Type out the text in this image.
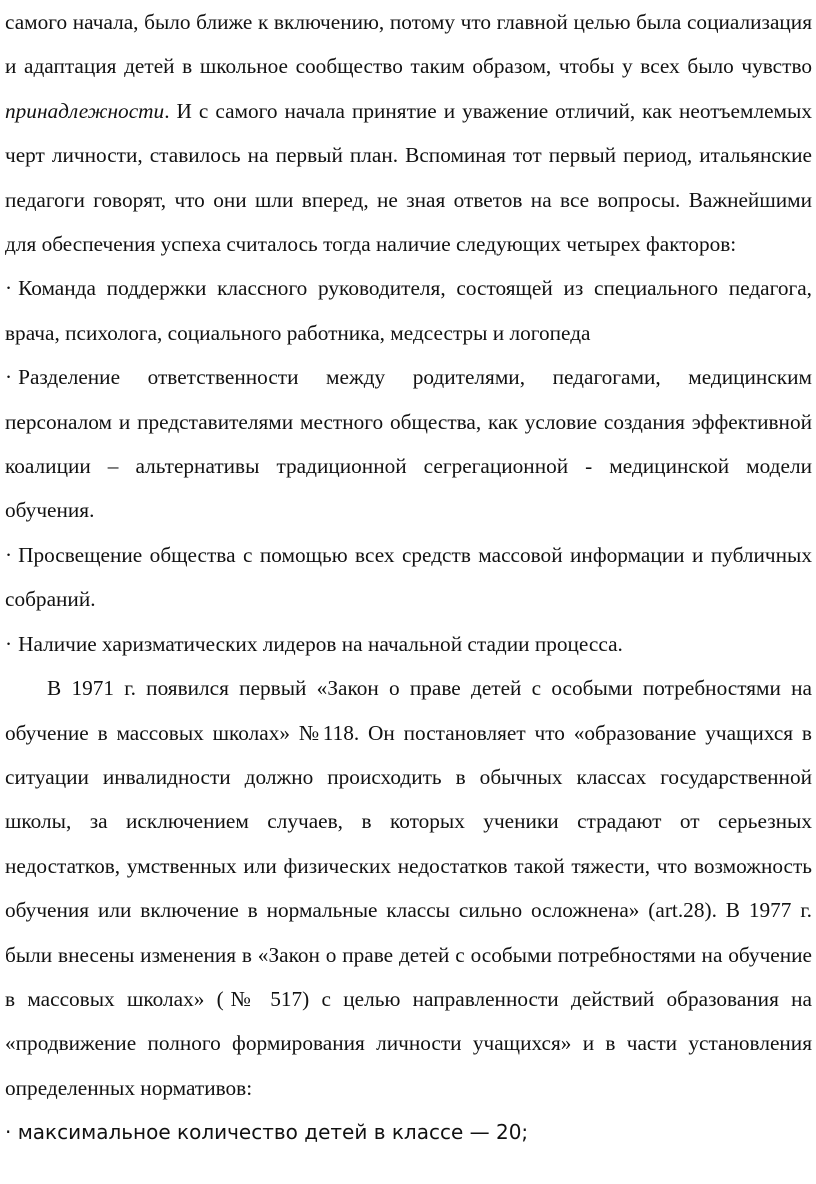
самого начала, было ближе к включению, потому что главной целью была социализация и адаптация детей в школьное сообщество таким образом, чтобы у всех было чувство принадлежности. И с самого начала принятие и уважение отличий, как неотъемлемых черт личности, ставилось на первый план. Вспоминая тот первый период, итальянские педагоги говорят, что они шли вперед, не зная ответов на все вопросы. Важнейшими для обеспечения успеха считалось тогда наличие следующих четырех факторов:

· Команда поддержки классного руководителя, состоящей из специального педагога, врача, психолога, социального работника, медсестры и логопеда

· Разделение ответственности между родителями, педагогами, медицинским персоналом и представителями местного общества, как условие создания эффективной коалиции – альтернативы традиционной сегрегационной - медицинской модели обучения.

· Просвещение общества с помощью всех средств массовой информации и публичных собраний.

· Наличие харизматических лидеров на начальной стадии процесса.

В 1971 г. появился первый «Закон о праве детей с особыми потребностями на обучение в массовых школах» №118. Он постановляет что «образование учащихся в ситуации инвалидности должно происходить в обычных классах государственной школы, за исключением случаев, в которых ученики страдают от серьезных недостатков, умственных или физических недостатков такой тяжести, что возможность обучения или включение в нормальные классы сильно осложнена» (art.28). В 1977 г. были внесены изменения в «Закон о праве детей с особыми потребностями на обучение в массовых школах» (№ 517) с целью направленности действий образования на «продвижение полного формирования личности учащихся» и в части установления определенных нормативов:

· максимальное количество детей в классе — 20;
